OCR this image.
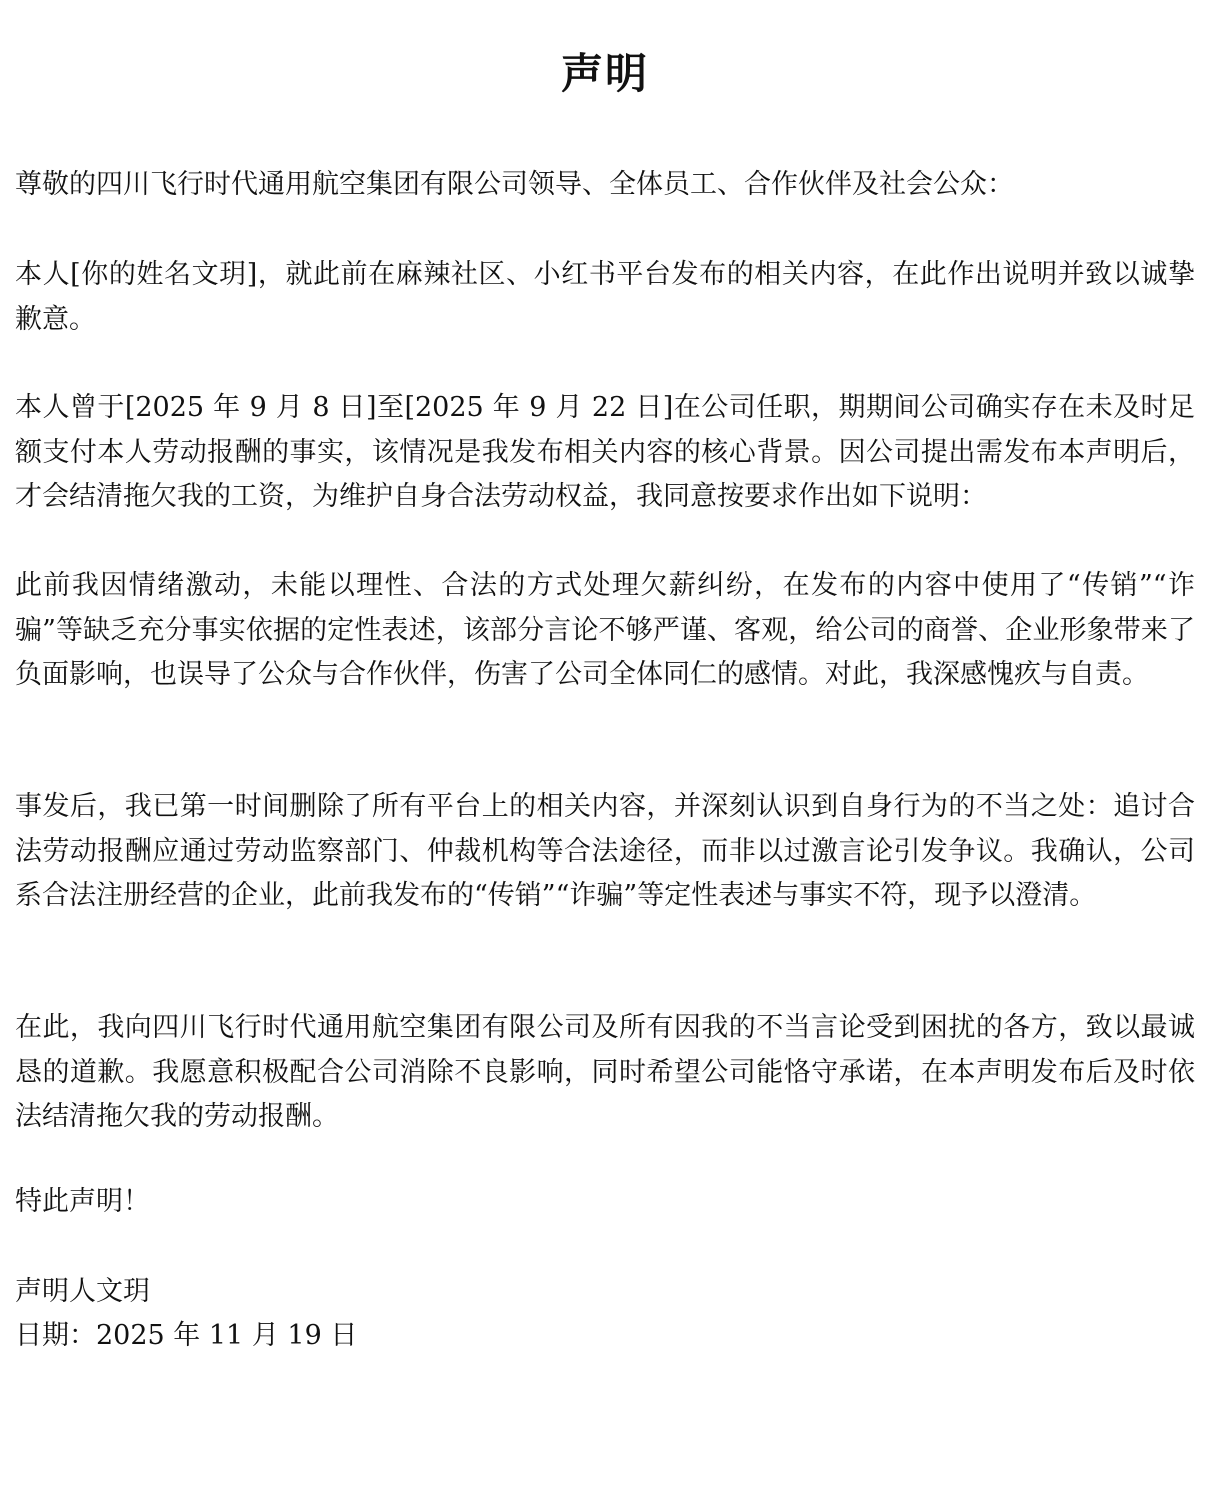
声明

尊敬的四川飞行时代通用航空集团有限公司领导、全体员工、合作伙伴及社会公众：

本人[你的姓名文玥]，就此前在麻辣社区、小红书平台发布的相关内容，在此作出说明并致以诚挚歉意。

本人曾于[2025 年 9 月 8 日]至[2025 年 9 月 22 日]在公司任职，期期间公司确实存在未及时足额支付本人劳动报酬的事实，该情况是我发布相关内容的核心背景。因公司提出需发布本声明后，才会结清拖欠我的工资，为维护自身合法劳动权益，我同意按要求作出如下说明：

此前我因情绪激动，未能以理性、合法的方式处理欠薪纠纷，在发布的内容中使用了“传销”“诈骗”等缺乏充分事实依据的定性表述，该部分言论不够严谨、客观，给公司的商誉、企业形象带来了负面影响，也误导了公众与合作伙伴，伤害了公司全体同仁的感情。对此，我深感愧疚与自责。

事发后，我已第一时间删除了所有平台上的相关内容，并深刻认识到自身行为的不当之处：追讨合法劳动报酬应通过劳动监察部门、仲裁机构等合法途径，而非以过激言论引发争议。我确认，公司系合法注册经营的企业，此前我发布的“传销”“诈骗”等定性表述与事实不符，现予以澄清。

在此，我向四川飞行时代通用航空集团有限公司及所有因我的不当言论受到困扰的各方，致以最诚恳的道歉。我愿意积极配合公司消除不良影响，同时希望公司能恪守承诺，在本声明发布后及时依法结清拖欠我的劳动报酬。

特此声明！
声明人文玥
日期：2025 年 11 月 19 日
